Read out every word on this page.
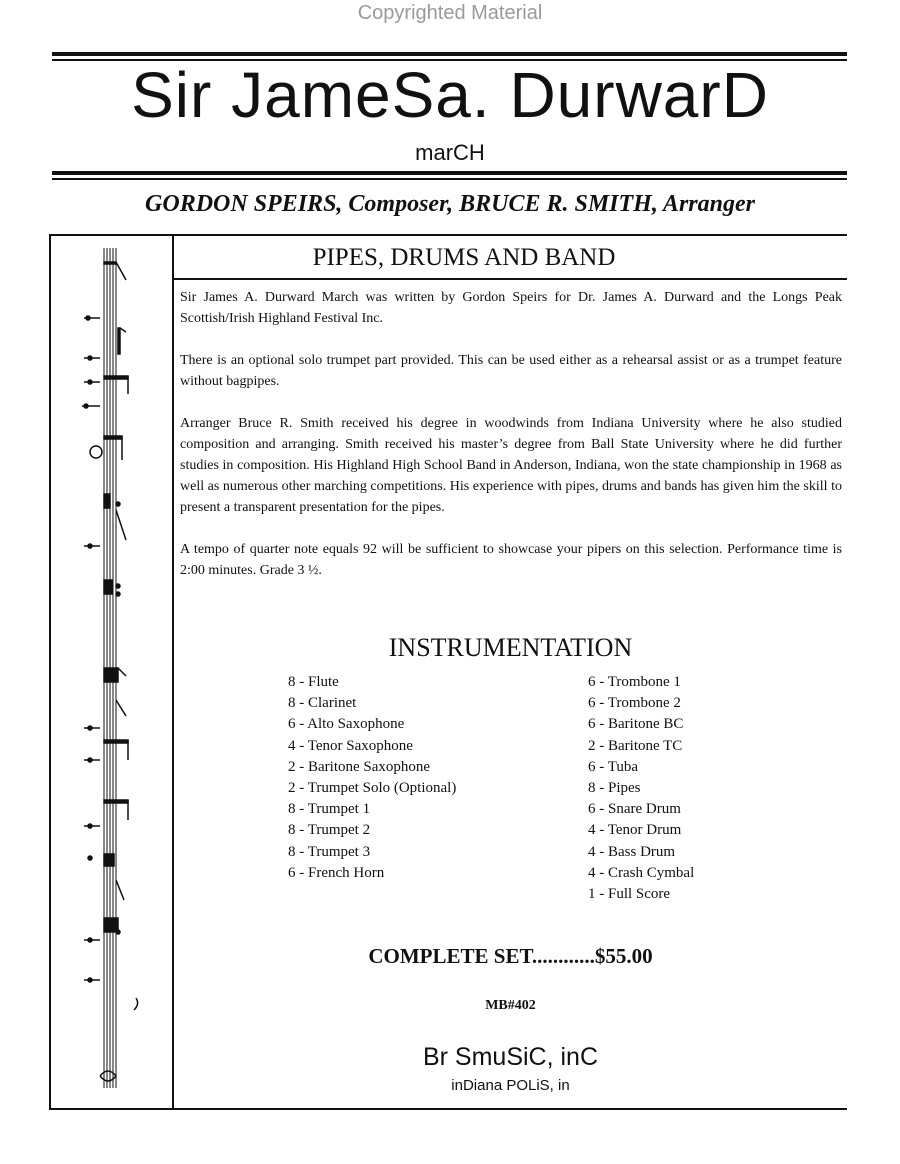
Copyrighted Material
Sir JameSa. DurwarD
marCH
GORDON SPEIRS, Composer, BRUCE R. SMITH, Arranger
PIPES, DRUMS AND BAND

Sir James A. Durward March was written by Gordon Speirs for Dr. James A. Durward and the Longs Peak Scottish/Irish Highland Festival Inc.

There is an optional solo trumpet part provided. This can be used either as a rehearsal assist or as a trumpet feature without bagpipes.

Arranger Bruce R. Smith received his degree in woodwinds from Indiana University where he also studied composition and arranging. Smith received his master’s degree from Ball State University where he did further studies in composition. His Highland High School Band in Anderson, Indiana, won the state championship in 1968 as well as numerous other marching competitions. His experience with pipes, drums and bands has given him the skill to present a transparent presentation for the pipes.

A tempo of quarter note equals 92 will be sufficient to showcase your pipers on this selection. Performance time is 2:00 minutes. Grade 3 ½.

INSTRUMENTATION
8 - Flute
8 - Clarinet
6 - Alto Saxophone
4 - Tenor Saxophone
2 - Baritone Saxophone
2 - Trumpet Solo (Optional)
8 - Trumpet 1
8 - Trumpet 2
8 - Trumpet 3
6 - French Horn
6 - Trombone 1
6 - Trombone 2
6 - Baritone BC
2 - Baritone TC
6 - Tuba
8 - Pipes
6 - Snare Drum
4 - Tenor Drum
4 - Bass Drum
4 - Crash Cymbal
1 - Full Score
COMPLETE SET............$55.00
MB#402
Br SmuSiC, inC
inDiana POLiS, in
